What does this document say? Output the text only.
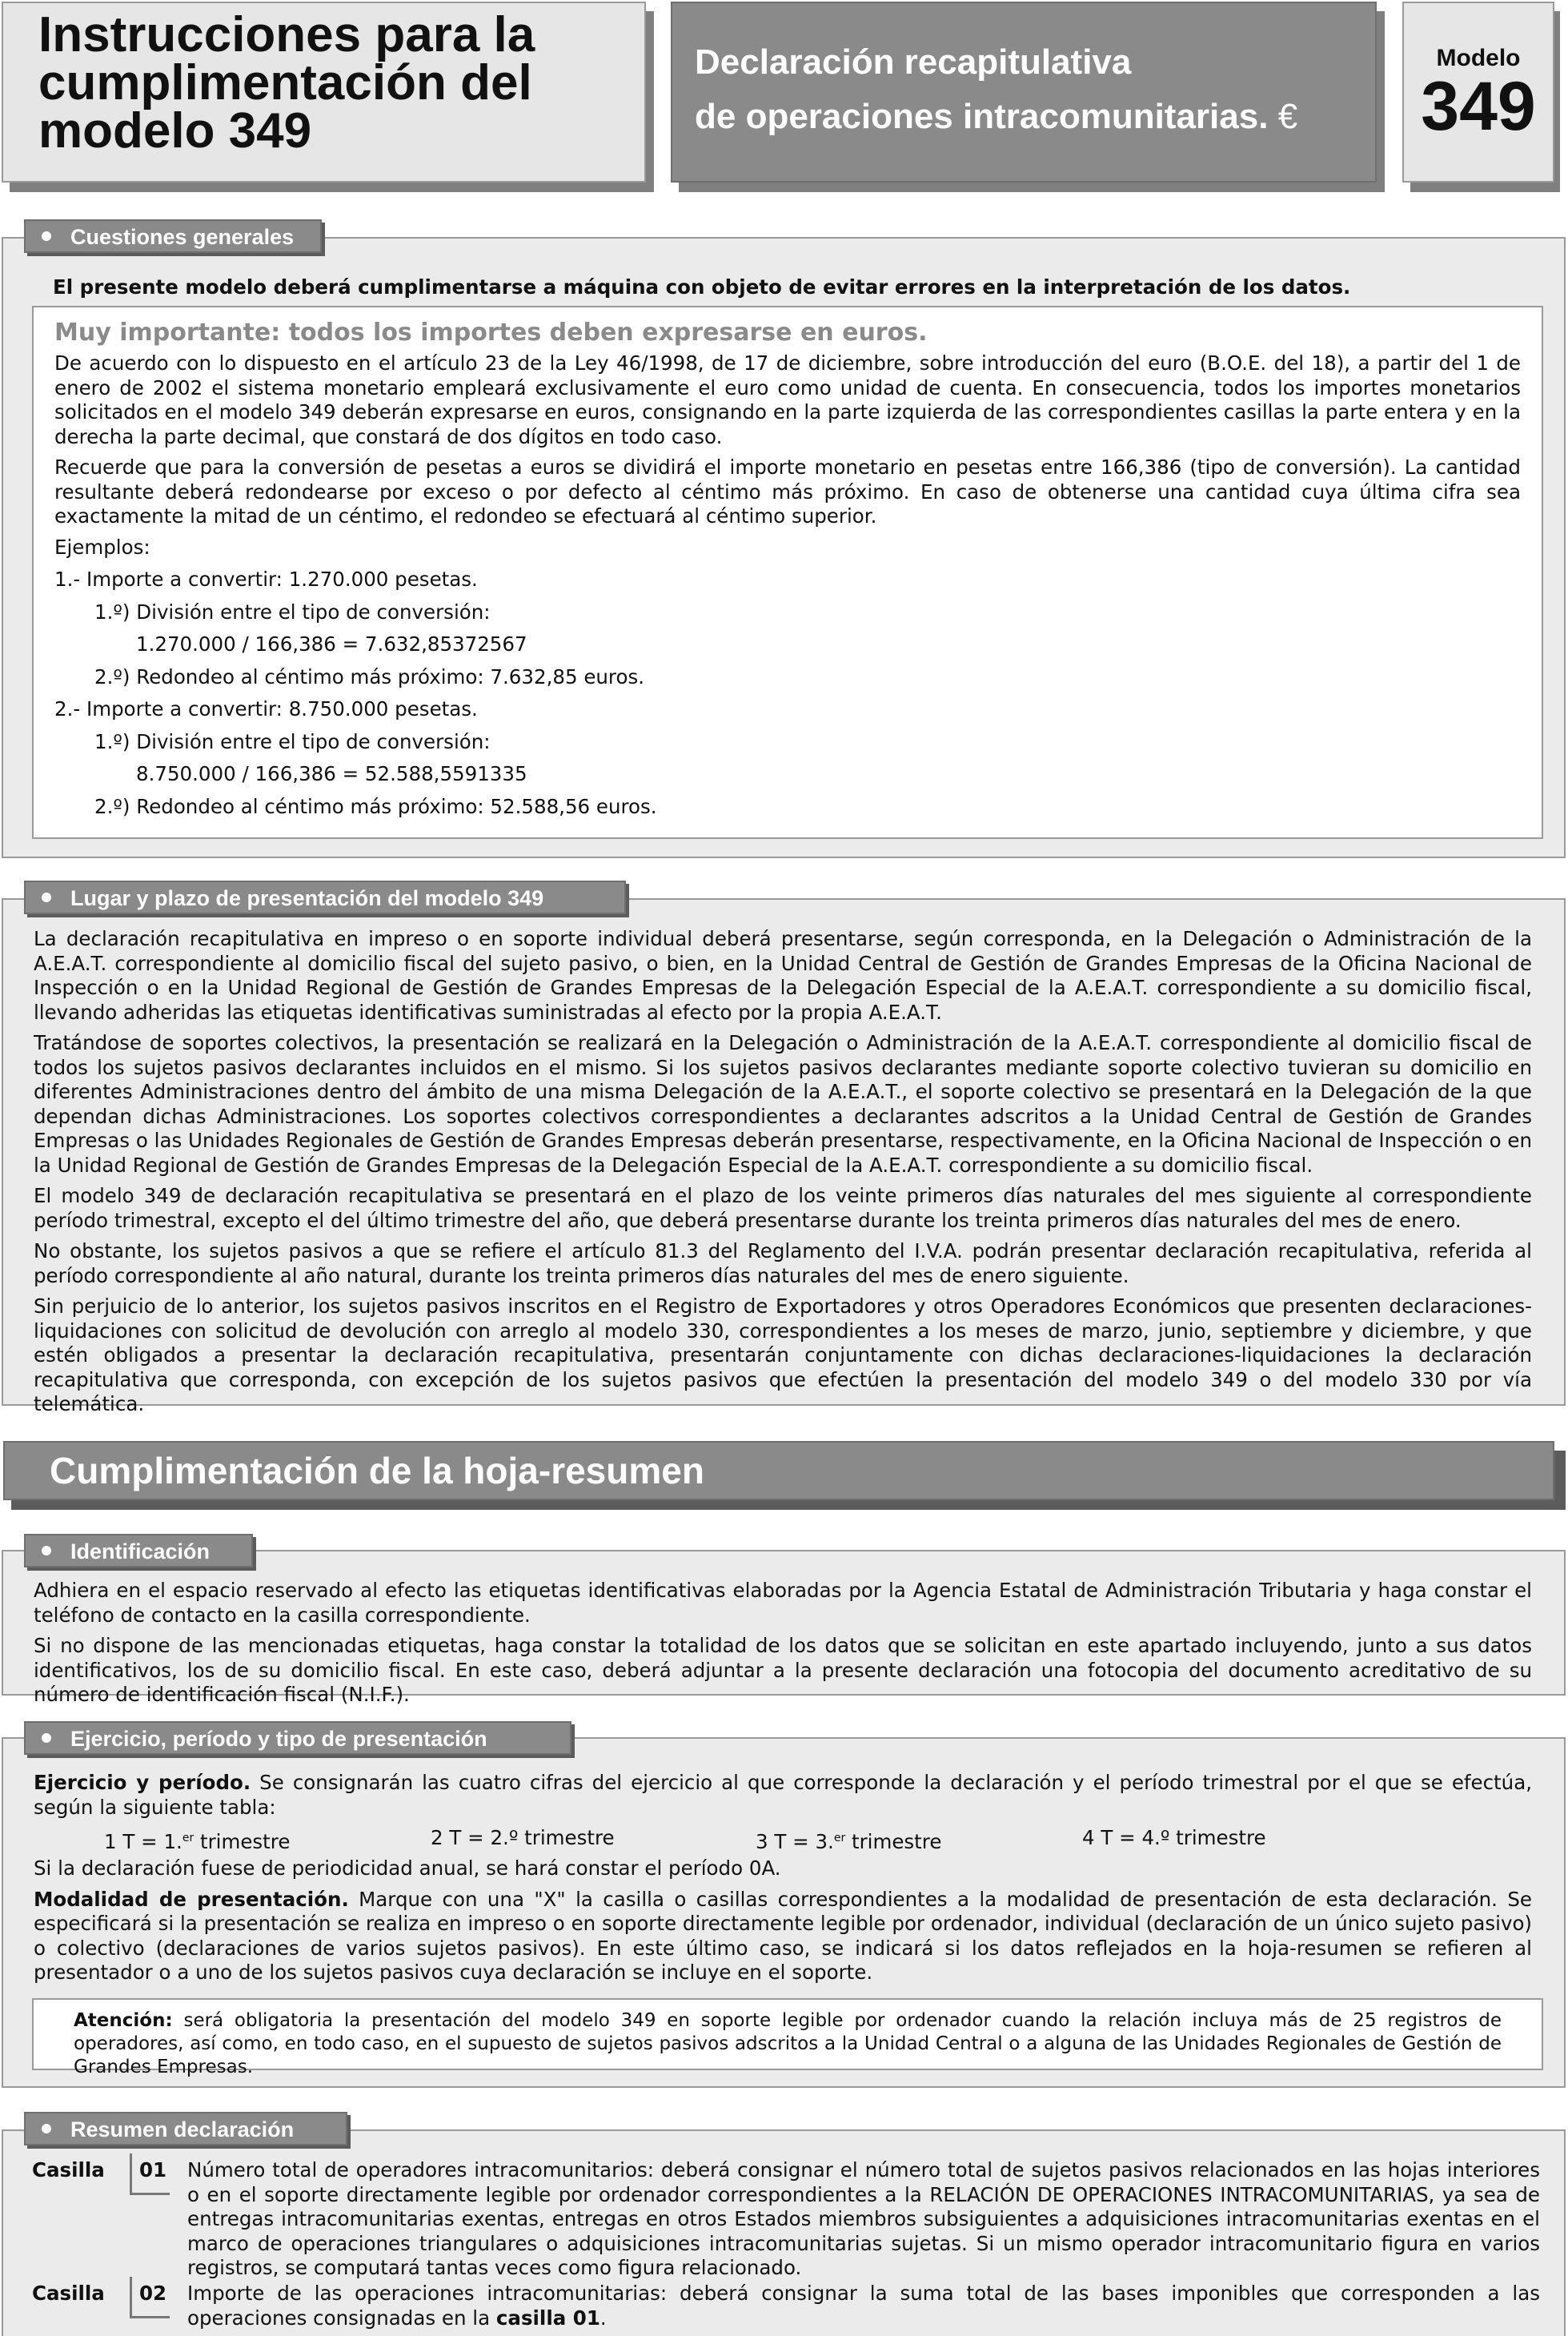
Instrucciones para la
cumplimentación del
modelo 349
Declaración recapitulativa
de operaciones intracomunitarias. €
Modelo
349
El presente modelo deberá cumplimentarse a máquina con objeto de evitar errores en la interpretación de los datos.
Cuestiones generales
Muy importante: todos los importes deben expresarse en euros.
De acuerdo con lo dispuesto en el artículo 23 de la Ley 46/1998, de 17 de diciembre, sobre introducción del euro (B.O.E. del 18), a partir del 1 de enero de 2002 el sistema monetario empleará exclusivamente el euro como unidad de cuenta. En consecuencia, todos los importes monetarios solicitados en el modelo 349 deberán expresarse en euros, consignando en la parte izquierda de las correspondientes casillas la parte entera y en la derecha la parte decimal, que constará de dos dígitos en todo caso.
Recuerde que para la conversión de pesetas a euros se dividirá el importe monetario en pesetas entre 166,386 (tipo de conversión). La cantidad resultante deberá redondearse por exceso o por defecto al céntimo más próximo. En caso de obtenerse una cantidad cuya última cifra sea exactamente la mitad de un céntimo, el redondeo se efectuará al céntimo superior.
Ejemplos:
1.- Importe a convertir: 1.270.000 pesetas.
1.º) División entre el tipo de conversión:
1.270.000 / 166,386 = 7.632,85372567
2.º) Redondeo al céntimo más próximo: 7.632,85 euros.
2.- Importe a convertir: 8.750.000 pesetas.
1.º) División entre el tipo de conversión:
8.750.000 / 166,386 = 52.588,5591335
2.º) Redondeo al céntimo más próximo: 52.588,56 euros.
La declaración recapitulativa en impreso o en soporte individual deberá presentarse, según corresponda, en la Delegación o Administración de la A.E.A.T. correspondiente al domicilio fiscal del sujeto pasivo, o bien, en la Unidad Central de Gestión de Grandes Empresas de la Oficina Nacional de Inspección o en la Unidad Regional de Gestión de Grandes Empresas de la Delegación Especial de la A.E.A.T. correspondiente a su domicilio fiscal, llevando adheridas las etiquetas identificativas suministradas al efecto por la propia A.E.A.T.
Tratándose de soportes colectivos, la presentación se realizará en la Delegación o Administración de la A.E.A.T. correspondiente al domicilio fiscal de todos los sujetos pasivos declarantes incluidos en el mismo. Si los sujetos pasivos declarantes mediante soporte colectivo tuvieran su domicilio en diferentes Administraciones dentro del ámbito de una misma Delegación de la A.E.A.T., el soporte colectivo se presentará en la Delegación de la que dependan dichas Administraciones. Los soportes colectivos correspondientes a declarantes adscritos a la Unidad Central de Gestión de Grandes Empresas o las Unidades Regionales de Gestión de Grandes Empresas deberán presentarse, respectivamente, en la Oficina Nacional de Inspección o en la Unidad Regional de Gestión de Grandes Empresas de la Delegación Especial de la A.E.A.T. correspondiente a su domicilio fiscal.
El modelo 349 de declaración recapitulativa se presentará en el plazo de los veinte primeros días naturales del mes siguiente al correspondiente período trimestral, excepto el del último trimestre del año, que deberá presentarse durante los treinta primeros días naturales del mes de enero.
No obstante, los sujetos pasivos a que se refiere el artículo 81.3 del Reglamento del I.V.A. podrán presentar declaración recapitulativa, referida al período correspondiente al año natural, durante los treinta primeros días naturales del mes de enero siguiente.
Sin perjuicio de lo anterior, los sujetos pasivos inscritos en el Registro de Exportadores y otros Operadores Económicos que presenten declaraciones-liquidaciones con solicitud de devolución con arreglo al modelo 330, correspondientes a los meses de marzo, junio, septiembre y diciembre, y que estén obligados a presentar la declaración recapitulativa, presentarán conjuntamente con dichas declaraciones-liquidaciones la declaración recapitulativa que corresponda, con excepción de los sujetos pasivos que efectúen la presentación del modelo 349 o del modelo 330 por vía telemática.
Lugar y plazo de presentación del modelo 349
Cumplimentación de la hoja-resumen
Adhiera en el espacio reservado al efecto las etiquetas identificativas elaboradas por la Agencia Estatal de Administración Tributaria y haga constar el teléfono de contacto en la casilla correspondiente.
Si no dispone de las mencionadas etiquetas, haga constar la totalidad de los datos que se solicitan en este apartado incluyendo, junto a sus datos identificativos, los de su domicilio fiscal. En este caso, deberá adjuntar a la presente declaración una fotocopia del documento acreditativo de su número de identificación fiscal (N.I.F.).
Identificación
Ejercicio y período. Se consignarán las cuatro cifras del ejercicio al que corresponde la declaración y el período trimestral por el que se efectúa, según la siguiente tabla:
1 T = 1.$^{er}$ trimestre	2 T = 2.º trimestre	3 T = 3.$^{er}$ trimestre	4 T = 4.º trimestre
Si la declaración fuese de periodicidad anual, se hará constar el período 0A.
Modalidad de presentación. Marque con una "X" la casilla o casillas correspondientes a la modalidad de presentación de esta declaración. Se especificará si la presentación se realiza en impreso o en soporte directamente legible por ordenador, individual (declaración de un único sujeto pasivo) o colectivo (declaraciones de varios sujetos pasivos). En este último caso, se indicará si los datos reflejados en la hoja-resumen se refieren al presentador o a uno de los sujetos pasivos cuya declaración se incluye en el soporte.
Ejercicio, período y tipo de presentación
Atención: será obligatoria la presentación del modelo 349 en soporte legible por ordenador cuando la relación incluya más de 25 registros de operadores, así como, en todo caso, en el supuesto de sujetos pasivos adscritos a la Unidad Central o a alguna de las Unidades Regionales de Gestión de Grandes Empresas.
Resumen declaración
Casilla 01 Número total de operadores intracomunitarios: deberá consignar el número total de sujetos pasivos relacionados en las hojas interiores o en el soporte directamente legible por ordenador correspondientes a la RELACIÓN DE OPERACIONES INTRACOMUNITARIAS, ya sea de entregas intracomunitarias exentas, entregas en otros Estados miembros subsiguientes a adquisiciones intracomunitarias exentas en el marco de operaciones triangulares o adquisiciones intracomunitarias sujetas. Si un mismo operador intracomunitario figura en varios registros, se computará tantas veces como figura relacionado.
Casilla 02 Importe de las operaciones intracomunitarias: deberá consignar la suma total de las bases imponibles que corresponden a las operaciones consignadas en la casilla 01.
